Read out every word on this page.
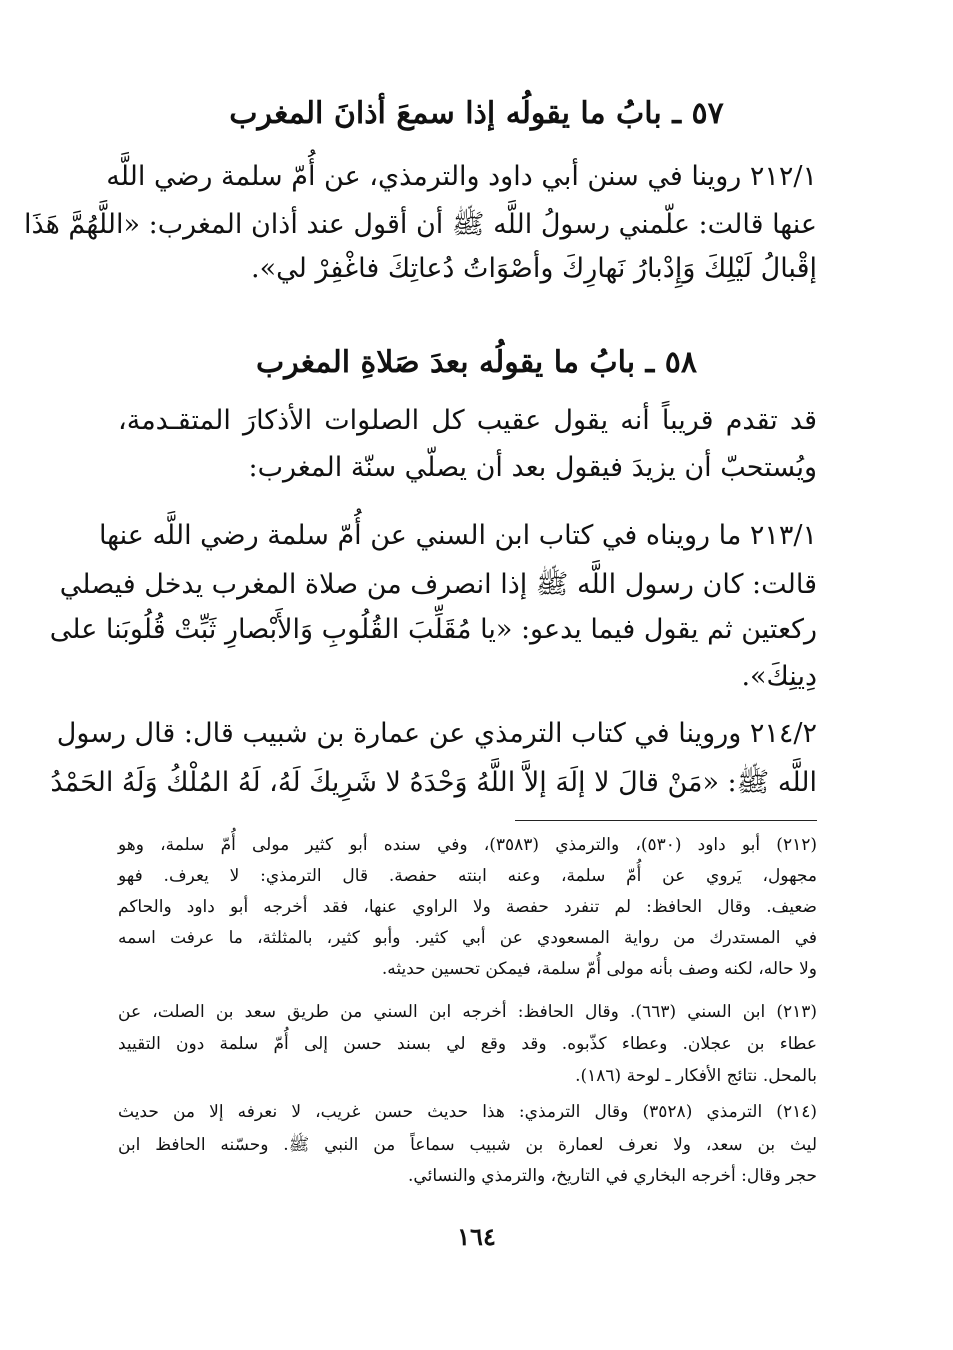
٥٧ ـ بابُ ما يقولُه إذا سمعَ أذانَ المغرب
٢١٢/١ روينا في سنن أبي داود والترمذي، عن أُمّ سلمة رضي اللَّه
عنها قالت: علّمني رسولُ اللَّه ﷺ أن أقول عند أذان المغرب: «اللَّهُمَّ هَذَا
إقْبالُ لَيْلِكَ وَإِدْبارُ نَهارِكَ وأصْوَاتُ دُعاتِكَ فاغْفِرْ لي».
٥٨ ـ بابُ ما يقولُه بعدَ صَلاةِ المغرب
قد تقدم قريباً أنه يقول عقيب كل الصلوات الأذكارَ المتقـدمة،
ويُستحبّ أن يزيدَ فيقول بعد أن يصلّي سنّة المغرب:
٢١٣/١ ما رويناه في كتاب ابن السني عن أُمّ سلمة رضي اللَّه عنها
قالت: كان رسول اللَّه ﷺ إذا انصرف من صلاة المغرب يدخل فيصلي
ركعتين ثم يقول فيما يدعو: «يا مُقَلِّبَ القُلُوبِ وَالأَبْصارِ ثَبِّتْ قُلُوبَنا على
دِينِكَ».
٢١٤/٢ وروينا في كتاب الترمذي عن عمارة بن شبيب قال: قال رسول
اللَّه ﷺ: «مَنْ قالَ لا إلَهَ إلاَّ اللَّهُ وَحْدَهُ لا شَرِيكَ لَهُ، لَهُ المُلْكُ وَلَهُ الحَمْدُ
(٢١٢) أبو داود (٥٣٠)، والترمذي (٣٥٨٣)، وفي سنده أبو كثير مولى أُمّ سلمة، وهو
مجهول، يَروي عن أُمّ سلمة، وعنه ابنته حفصة. قال الترمذي: لا يعرف. فهو
ضعيف. وقال الحافظ: لم تنفرد حفصة ولا الراوي عنها، فقد أخرجه أبو داود والحاكم
في المستدرك من رواية المسعودي عن أبي كثير. وأبو كثير، بالمثلثة، ما عرفت اسمه
ولا حاله، لكنه وصف بأنه مولى أُمّ سلمة، فيمكن تحسين حديثه.
(٢١٣) ابن السني (٦٦٣). وقال الحافظ: أخرجه ابن السني من طريق سعد بن الصلت، عن
عطاء بن عجلان. وعطاء كذّبوه. وقد وقع لي بسند حسن إلى أُمّ سلمة دون التقييد
بالمحل. نتائج الأفكار ـ لوحة (١٨٦).
(٢١٤) الترمذي (٣٥٢٨) وقال الترمذي: هذا حديث حسن غريب، لا نعرفه إلا من حديث
ليث بن سعد، ولا نعرف لعمارة بن شبيب سماعاً من النبي ﷺ. وحسّنه الحافظ ابن
حجر وقال: أخرجه البخاري في التاريخ، والترمذي والنسائي.
١٦٤
